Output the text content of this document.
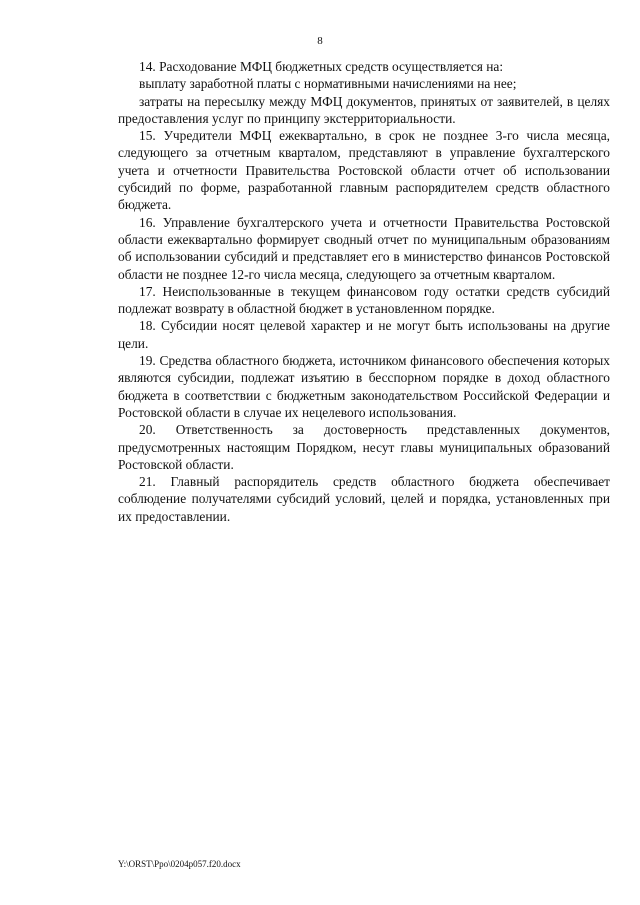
8

14. Расходование МФЦ бюджетных средств осуществляется на:

выплату заработной платы с нормативными начислениями на нее;

затраты на пересылку между МФЦ документов, принятых от заявителей, в целях предоставления услуг по принципу экстерриториальности.

15. Учредители МФЦ ежеквартально, в срок не позднее 3-го числа месяца, следующего за отчетным кварталом, представляют в управление бухгалтерского учета и отчетности Правительства Ростовской области отчет об использовании субсидий по форме, разработанной главным распорядителем средств областного бюджета.

16. Управление бухгалтерского учета и отчетности Правительства Ростовской области ежеквартально формирует сводный отчет по муниципальным образованиям об использовании субсидий и представляет его в министерство финансов Ростовской области не позднее 12-го числа месяца, следующего за отчетным кварталом.

17. Неиспользованные в текущем финансовом году остатки средств субсидий подлежат возврату в областной бюджет в установленном порядке.

18. Субсидии носят целевой характер и не могут быть использованы на другие цели.

19. Средства областного бюджета, источником финансового обеспечения которых являются субсидии, подлежат изъятию в бесспорном порядке в доход областного бюджета в соответствии с бюджетным законодательством Российской Федерации и Ростовской области в случае их нецелевого использования.

20. Ответственность за достоверность представленных документов, предусмотренных настоящим Порядком, несут главы муниципальных образований Ростовской области.

21. Главный распорядитель средств областного бюджета обеспечивает соблюдение получателями субсидий условий, целей и порядка, установленных при их предоставлении.

Y:\ORST\Ppo\0204p057.f20.docx
